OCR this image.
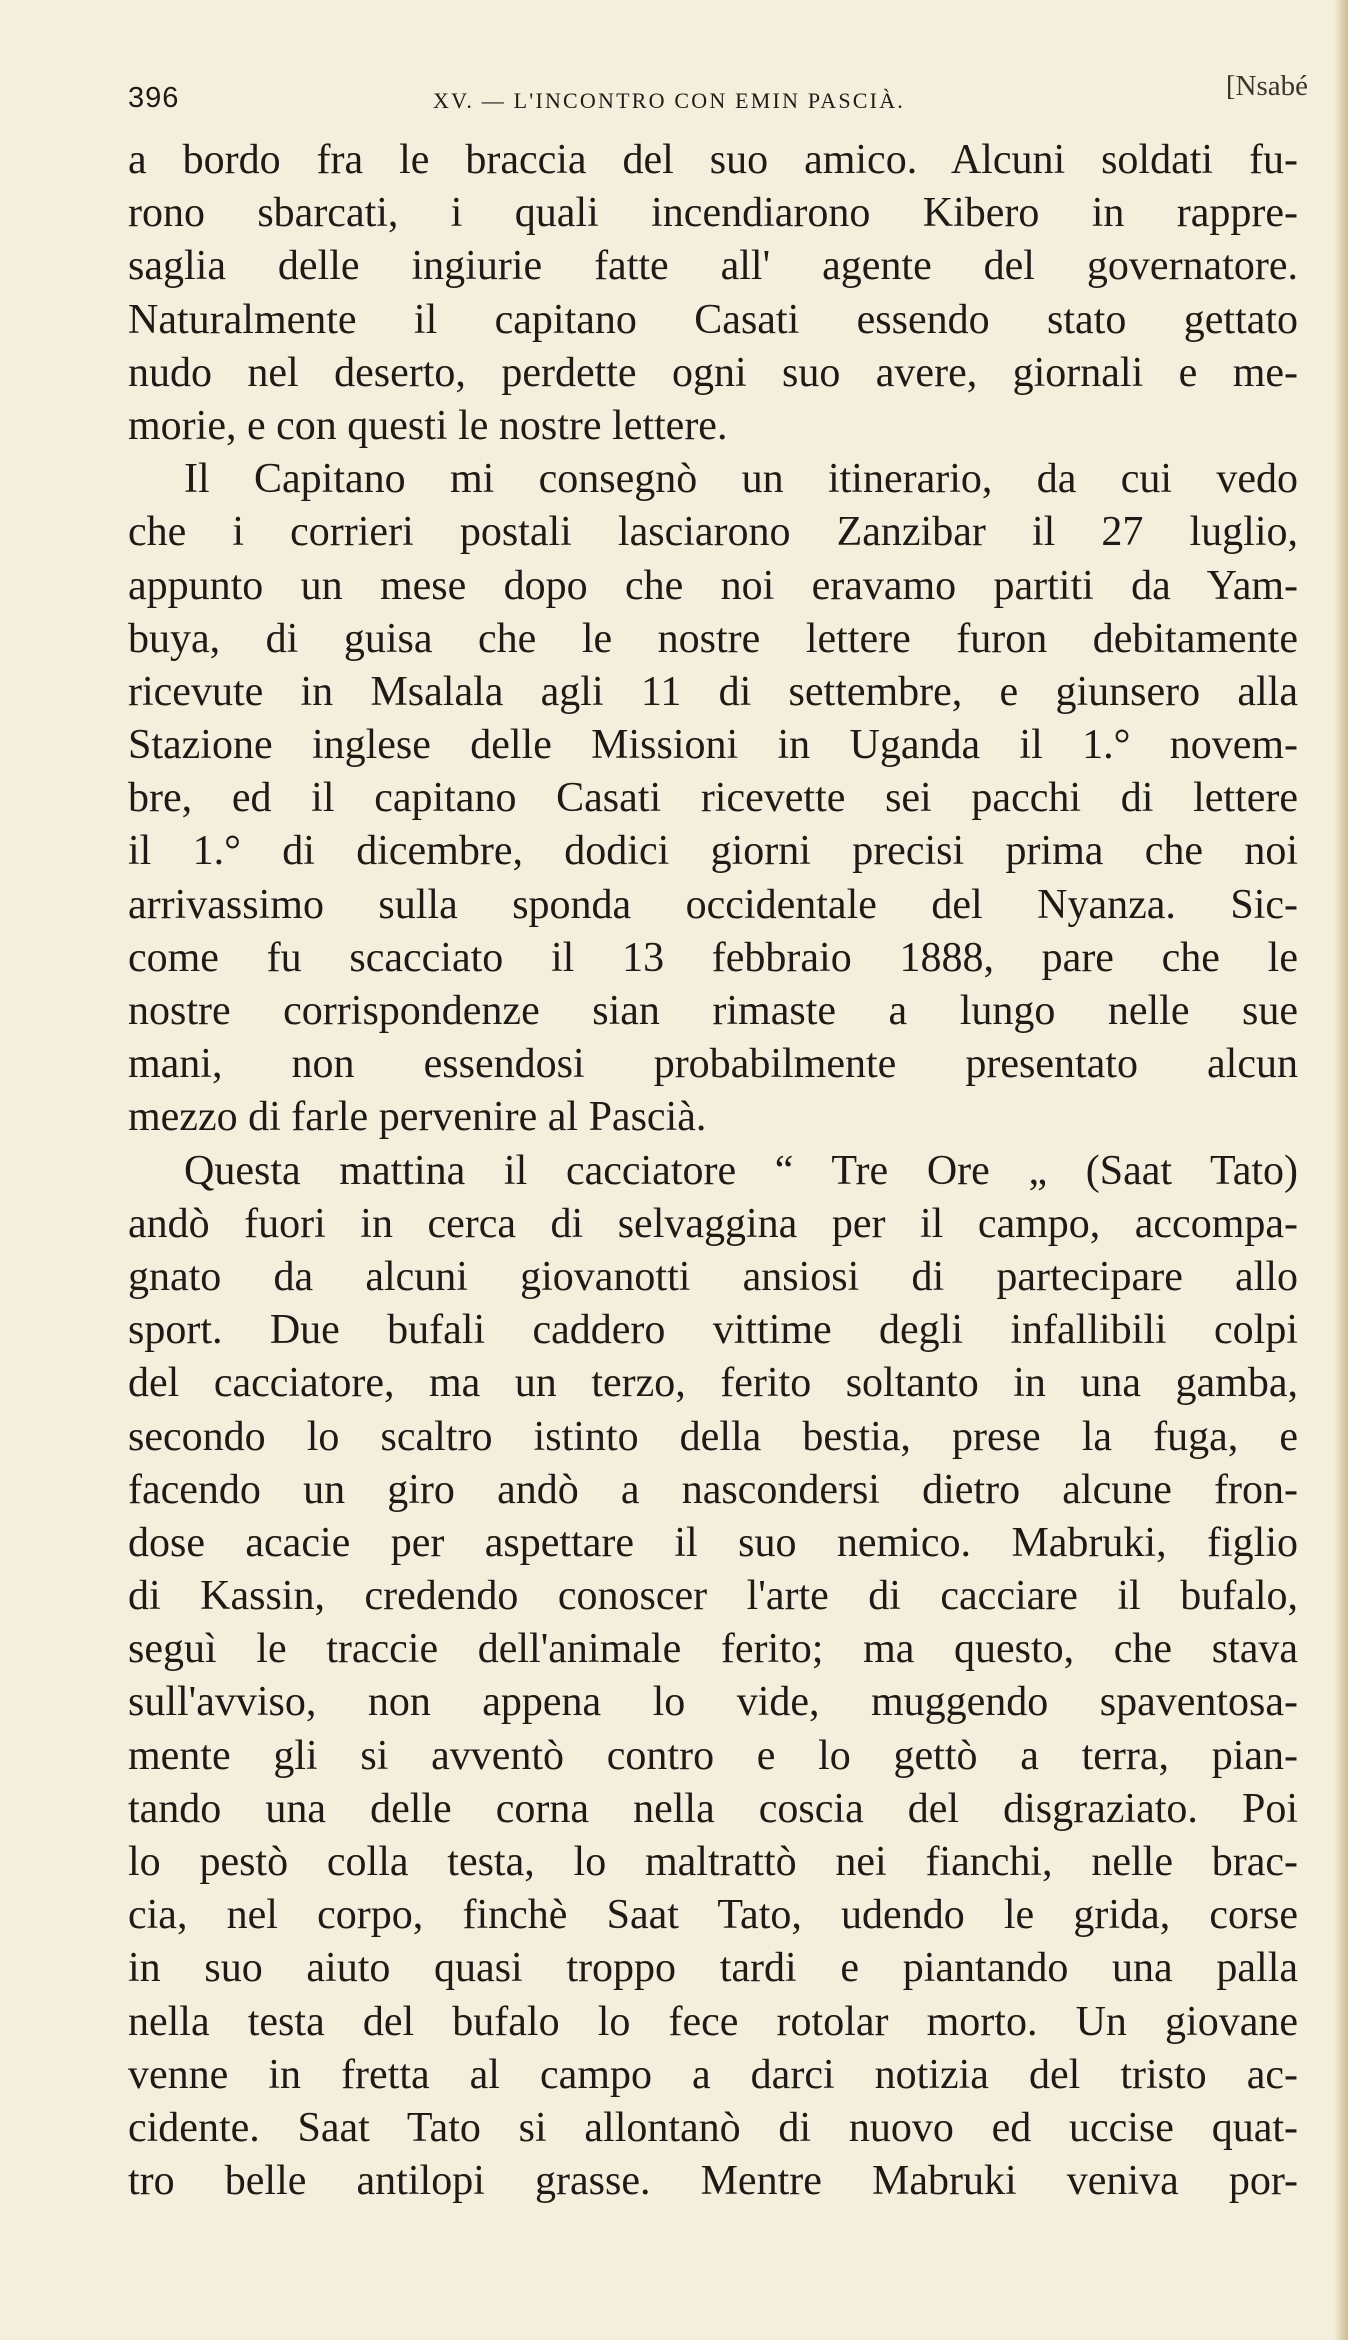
396	XV. — L'INCONTRO CON EMIN PASCIÀ.	[Nsabé
a bordo fra le braccia del suo amico. Alcuni soldati fu-
rono sbarcati, i quali incendiarono Kibero in rappre-
saglia delle ingiurie fatte all' agente del governatore.
Naturalmente il capitano Casati essendo stato gettato
nudo nel deserto, perdette ogni suo avere, giornali e me-
morie, e con questi le nostre lettere.
Il Capitano mi consegnò un itinerario, da cui vedo
che i corrieri postali lasciarono Zanzibar il 27 luglio,
appunto un mese dopo che noi eravamo partiti da Yam-
buya, di guisa che le nostre lettere furon debitamente
ricevute in Msalala agli 11 di settembre, e giunsero alla
Stazione inglese delle Missioni in Uganda il 1.° novem-
bre, ed il capitano Casati ricevette sei pacchi di lettere
il 1.° di dicembre, dodici giorni precisi prima che noi
arrivassimo sulla sponda occidentale del Nyanza. Sic-
come fu scacciato il 13 febbraio 1888, pare che le
nostre corrispondenze sian rimaste a lungo nelle sue
mani, non essendosi probabilmente presentato alcun
mezzo di farle pervenire al Pascià.
Questa mattina il cacciatore “ Tre Ore „ (Saat Tato)
andò fuori in cerca di selvaggina per il campo, accompa-
gnato da alcuni giovanotti ansiosi di partecipare allo
sport. Due bufali caddero vittime degli infallibili colpi
del cacciatore, ma un terzo, ferito soltanto in una gamba,
secondo lo scaltro istinto della bestia, prese la fuga, e
facendo un giro andò a nascondersi dietro alcune fron-
dose acacie per aspettare il suo nemico. Mabruki, figlio
di Kassin, credendo conoscer l'arte di cacciare il bufalo,
seguì le traccie dell'animale ferito; ma questo, che stava
sull'avviso, non appena lo vide, muggendo spaventosa-
mente gli si avventò contro e lo gettò a terra, pian-
tando una delle corna nella coscia del disgraziato. Poi
lo pestò colla testa, lo maltrattò nei fianchi, nelle brac-
cia, nel corpo, finchè Saat Tato, udendo le grida, corse
in suo aiuto quasi troppo tardi e piantando una palla
nella testa del bufalo lo fece rotolar morto. Un giovane
venne in fretta al campo a darci notizia del tristo ac-
cidente. Saat Tato si allontanò di nuovo ed uccise quat-
tro belle antilopi grasse. Mentre Mabruki veniva por-
